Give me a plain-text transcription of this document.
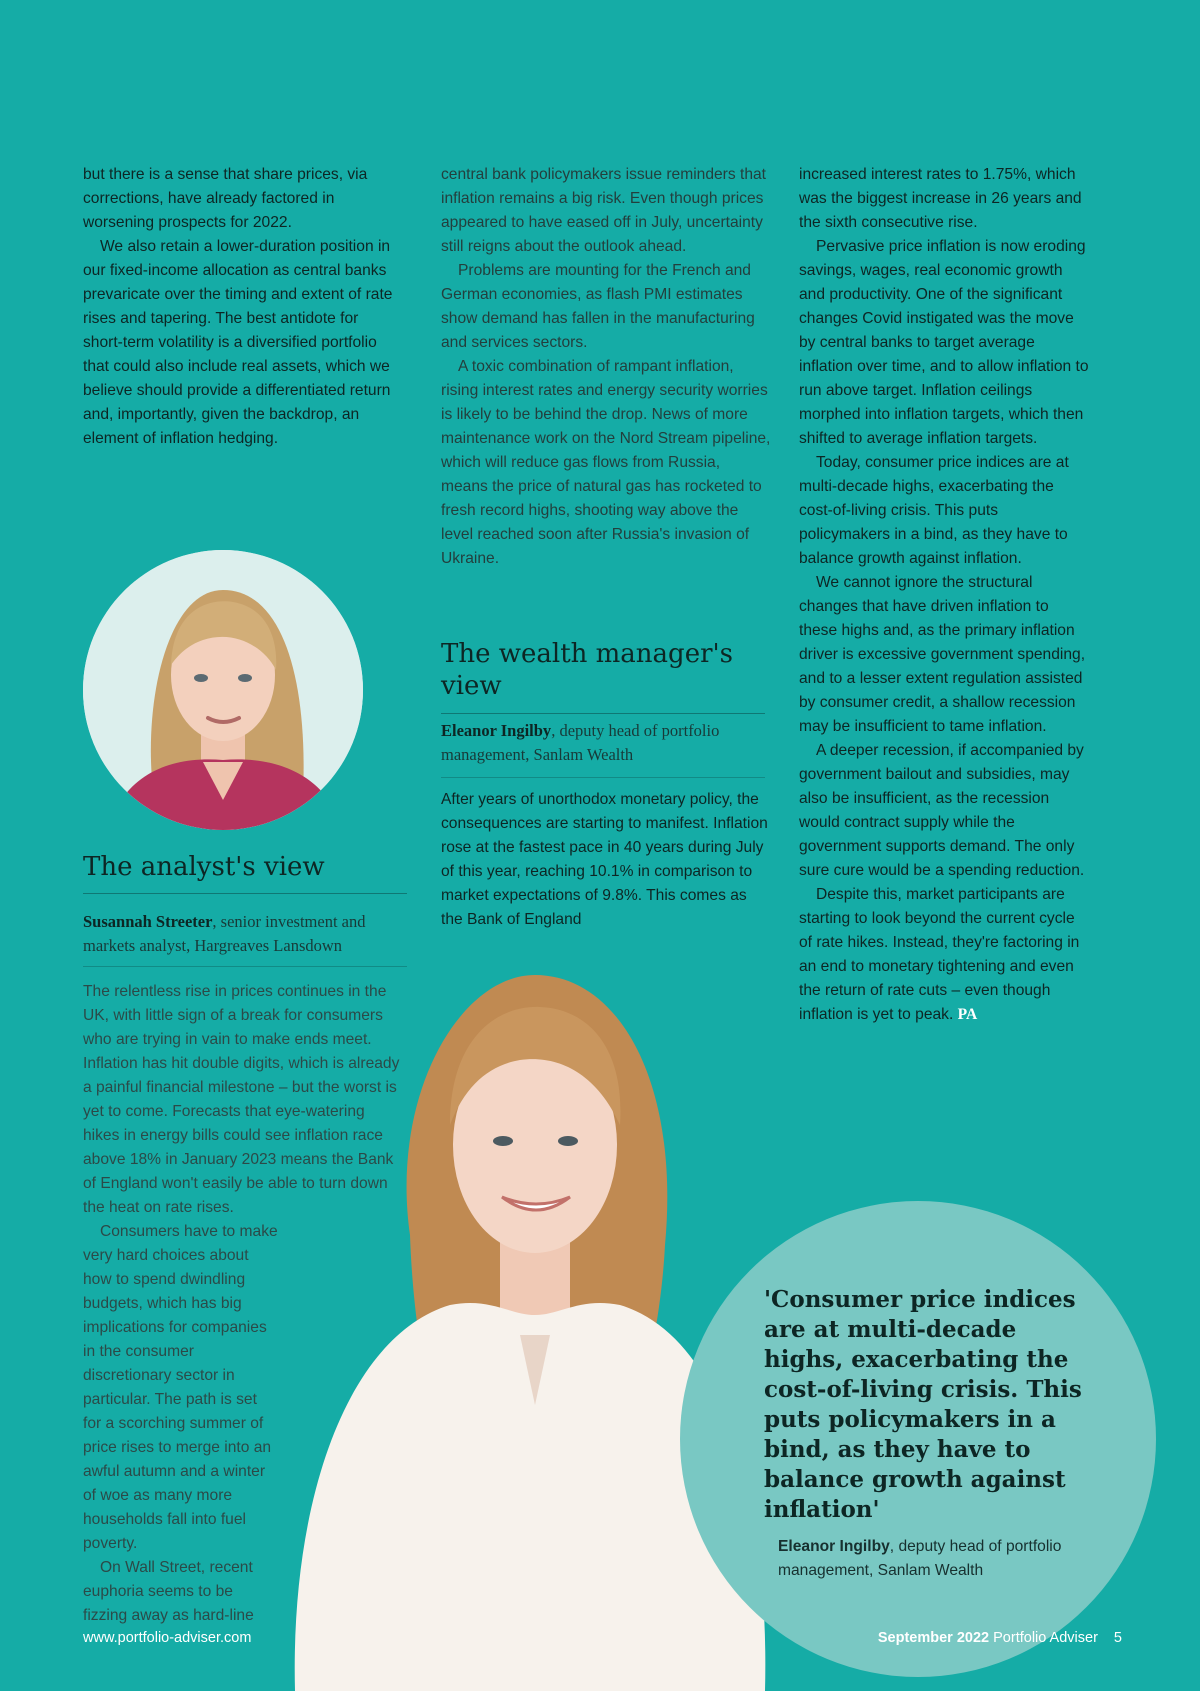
but there is a sense that share prices, via corrections, have already factored in worsening prospects for 2022.

We also retain a lower-duration position in our fixed-income allocation as central banks prevaricate over the timing and extent of rate rises and tapering. The best antidote for short-term volatility is a diversified portfolio that could also include real assets, which we believe should provide a differentiated return and, importantly, given the backdrop, an element of inflation hedging.

central bank policymakers issue reminders that inflation remains a big risk. Even though prices appeared to have eased off in July, uncertainty still reigns about the outlook ahead.

Problems are mounting for the French and German economies, as flash PMI estimates show demand has fallen in the manufacturing and services sectors.

A toxic combination of rampant inflation, rising interest rates and energy security worries is likely to be behind the drop. News of more maintenance work on the Nord Stream pipeline, which will reduce gas flows from Russia, means the price of natural gas has rocketed to fresh record highs, shooting way above the level reached soon after Russia's invasion of Ukraine.

increased interest rates to 1.75%, which was the biggest increase in 26 years and the sixth consecutive rise.

Pervasive price inflation is now eroding savings, wages, real economic growth and productivity. One of the significant changes Covid instigated was the move by central banks to target average inflation over time, and to allow inflation to run above target. Inflation ceilings morphed into inflation targets, which then shifted to average inflation targets.

Today, consumer price indices are at multi-decade highs, exacerbating the cost-of-living crisis. This puts policymakers in a bind, as they have to balance growth against inflation.

We cannot ignore the structural changes that have driven inflation to these highs and, as the primary inflation driver is excessive government spending, and to a lesser extent regulation assisted by consumer credit, a shallow recession may be insufficient to tame inflation.

A deeper recession, if accompanied by government bailout and subsidies, may also be insufficient, as the recession would contract supply while the government supports demand. The only sure cure would be a spending reduction.

Despite this, market participants are starting to look beyond the current cycle of rate hikes. Instead, they're factoring in an end to monetary tightening and even the return of rate cuts – even though inflation is yet to peak. PA

The wealth manager's view

Eleanor Ingilby, deputy head of portfolio management, Sanlam Wealth

After years of unorthodox monetary policy, the consequences are starting to manifest. Inflation rose at the fastest pace in 40 years during July of this year, reaching 10.1% in comparison to market expectations of 9.8%. This comes as the Bank of England

The analyst's view

Susannah Streeter, senior investment and markets analyst, Hargreaves Lansdown

The relentless rise in prices continues in the UK, with little sign of a break for consumers who are trying in vain to make ends meet. Inflation has hit double digits, which is already a painful financial milestone – but the worst is yet to come. Forecasts that eye-watering hikes in energy bills could see inflation race above 18% in January 2023 means the Bank of England won't easily be able to turn down the heat on rate rises.

Consumers have to make very hard choices about how to spend dwindling budgets, which has big implications for companies in the consumer discretionary sector in particular. The path is set for a scorching summer of price rises to merge into an awful autumn and a winter of woe as many more households fall into fuel poverty.

On Wall Street, recent euphoria seems to be fizzing away as hard-line

'Consumer price indices are at multi-decade highs, exacerbating the cost-of-living crisis. This puts policymakers in a bind, as they have to balance growth against inflation'

Eleanor Ingilby, deputy head of portfolio management, Sanlam Wealth

www.portfolio-adviser.com	September 2022 Portfolio Adviser 5
